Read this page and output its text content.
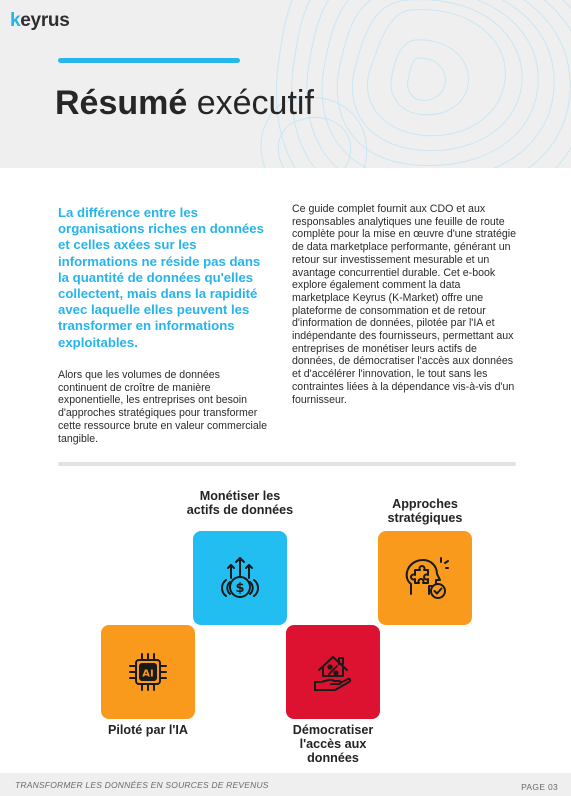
keyrus
Résumé exécutif
La différence entre les organisations riches en données et celles axées sur les informations ne réside pas dans la quantité de données qu'elles collectent, mais dans la rapidité avec laquelle elles peuvent les transformer en informations exploitables.
Alors que les volumes de données continuent de croître de manière exponentielle, les entreprises ont besoin d'approches stratégiques pour transformer cette ressource brute en valeur commerciale tangible.
Ce guide complet fournit aux CDO et aux responsables analytiques une feuille de route complète pour la mise en œuvre d'une stratégie de data marketplace performante, générant un retour sur investissement mesurable et un avantage concurrentiel durable. Cet e-book explore également comment la data marketplace Keyrus (K-Market) offre une plateforme de consommation et de retour d'information de données, pilotée par l'IA et indépendante des fournisseurs, permettant aux entreprises de monétiser leurs actifs de données, de démocratiser l'accès aux données et d'accélérer l'innovation, le tout sans les contraintes liées à la dépendance vis-à-vis d'un fournisseur.
Monétiser les actifs de données
$
Approches stratégiques
Piloté par l'IA
AI
Démocratiser l'accès aux données
TRANSFORMER LES DONNÉES EN SOURCES DE REVENUS	PAGE 03
